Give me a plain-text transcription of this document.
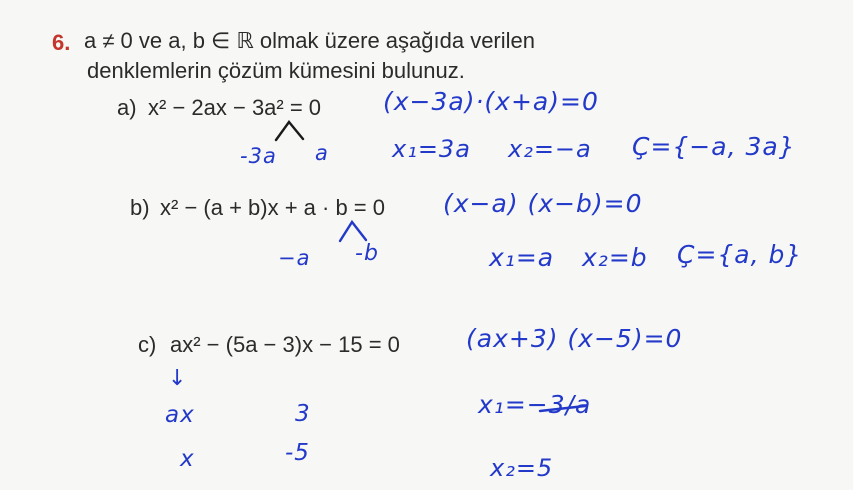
6. a ≠ 0 ve a, b ∈ ℝ olmak üzere aşağıda verilen
denklemlerin çözüm kümesini bulunuz.
a) x² − 2ax − 3a² = 0 (x−3a)·(x+a)=0
-3a a	x₁=3a x₂=−a Ç={−a, 3a}
b) x² − (a + b)x + a · b = 0 (x−a) (x−b)=0
−a -b	x₁=a x₂=b Ç={a, b}
c) ax² − (5a − 3)x − 15 = 0	(ax+3) (x−5)=0
↓
ax	3
x	-5
x₁=−3/a
x₂=5
